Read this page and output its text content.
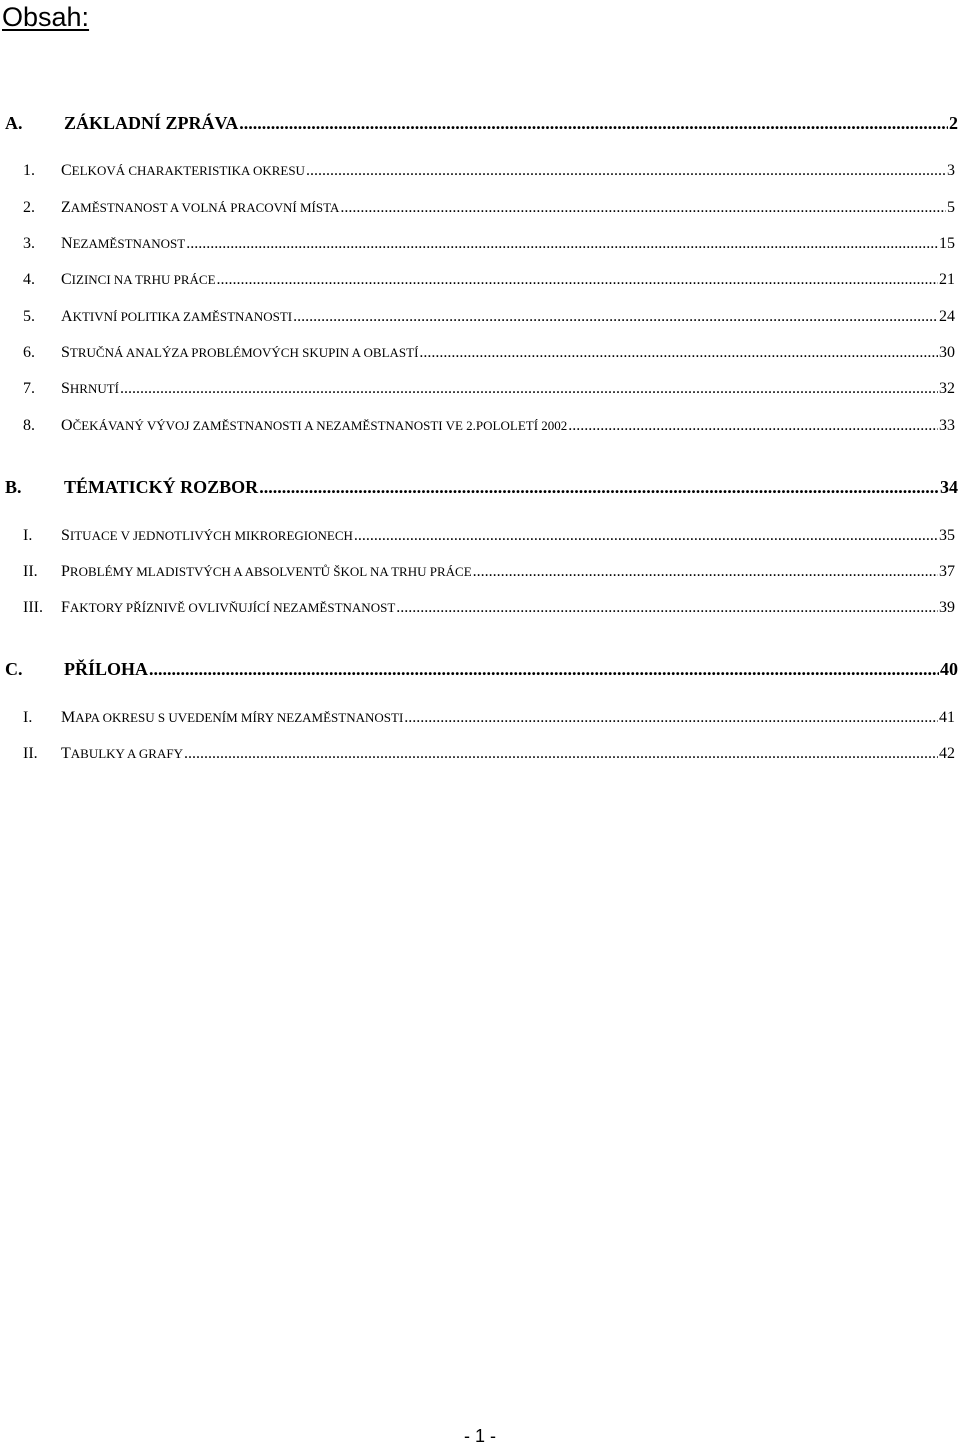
Obsah:
A.	ZÁKLADNÍ ZPRÁVA .....	2
1.	CELKOVÁ CHARAKTERISTIKA OKRESU .....	3
2.	ZAMĚSTNANOST A VOLNÁ PRACOVNÍ MÍSTA .....	5
3.	NEZAMĚSTNANOST .....	15
4.	CIZINCI NA TRHU PRÁCE .....	21
5.	AKTIVNÍ POLITIKA ZAMĚSTNANOSTI .....	24
6.	STRUČNÁ ANALÝZA PROBLÉMOVÝCH SKUPIN A OBLASTÍ .....	30
7.	SHRNUTÍ .....	32
8.	OČEKÁVANÝ VÝVOJ ZAMĚSTNANOSTI A NEZAMĚSTNANOSTI VE 2.POLOLETÍ 2002 .....	33
B.	TÉMATICKÝ ROZBOR .....	34
I.	SITUACE V JEDNOTLIVÝCH MIKROREGIONECH .....	35
II.	PROBLÉMY MLADISTVÝCH A ABSOLVENTŮ ŠKOL NA TRHU PRÁCE .....	37
III.	FAKTORY PŘÍZNIVĚ OVLIVŇUJÍCÍ NEZAMĚSTNANOST .....	39
C.	PŘÍLOHA .....	40
I.	MAPA OKRESU S UVEDENÍM MÍRY NEZAMĚSTNANOSTI .....	41
II.	TABULKY A GRAFY .....	42
- 1 -
